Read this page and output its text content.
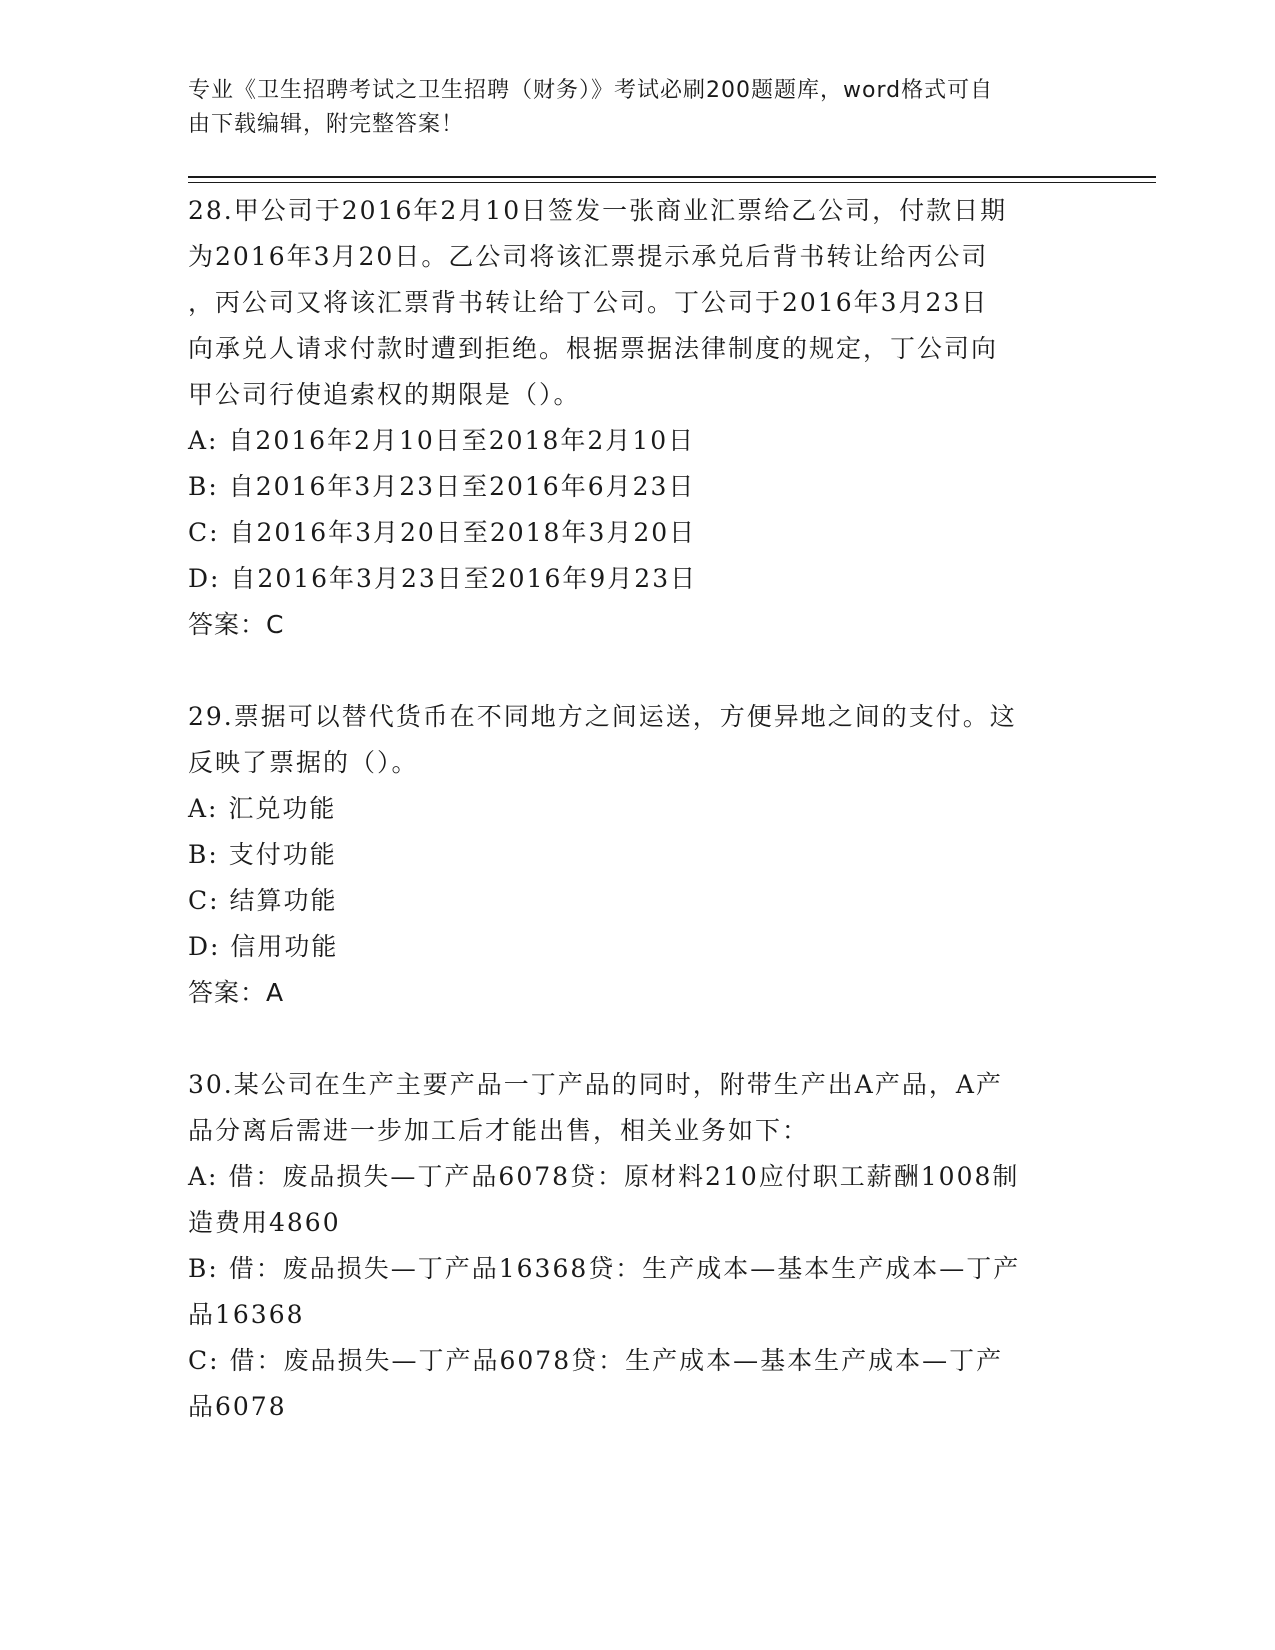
专业《卫生招聘考试之卫生招聘（财务）》考试必刷200题题库，word格式可自
由下载编辑，附完整答案！
28.甲公司于2016年2月10日签发一张商业汇票给乙公司，付款日期
为2016年3月20日。乙公司将该汇票提示承兑后背书转让给丙公司
，丙公司又将该汇票背书转让给丁公司。丁公司于2016年3月23日
向承兑人请求付款时遭到拒绝。根据票据法律制度的规定，丁公司向
甲公司行使追索权的期限是（）。
A: 自2016年2月10日至2018年2月10日
B: 自2016年3月23日至2016年6月23日
C: 自2016年3月20日至2018年3月20日
D: 自2016年3月23日至2016年9月23日
答案：C
29.票据可以替代货币在不同地方之间运送，方便异地之间的支付。这
反映了票据的（）。
A: 汇兑功能
B: 支付功能
C: 结算功能
D: 信用功能
答案：A
30.某公司在生产主要产品一丁产品的同时，附带生产出A产品，A产
品分离后需进一步加工后才能出售，相关业务如下：
A: 借：废品损失—丁产品6078贷：原材料210应付职工薪酬1008制
造费用4860
B: 借：废品损失—丁产品16368贷：生产成本—基本生产成本—丁产
品16368
C: 借：废品损失—丁产品6078贷：生产成本—基本生产成本—丁产
品6078
